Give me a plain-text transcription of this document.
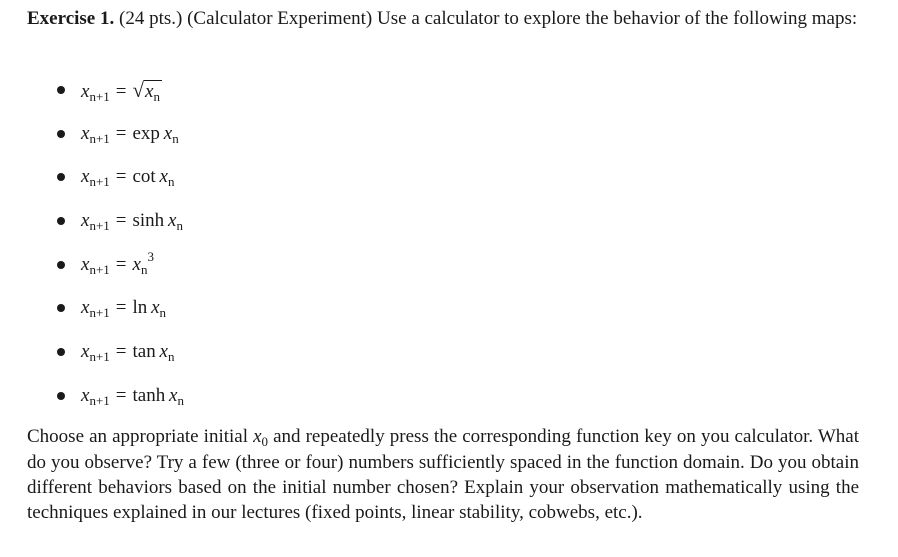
Exercise 1. (24 pts.) (Calculator Experiment) Use a calculator to explore the behavior of the following maps:

$x_{n+1} = √x_n$
$x_{n+1} = \exp x_n$
$x_{n+1} = \cot x_n$
$x_{n+1} = \sinh x_n$
$x_{n+1} = x_n^3$
$x_{n+1} = \ln x_n$
$x_{n+1} = \tan x_n$
$x_{n+1} = \tanh x_n$

Choose an appropriate initial $x_0$ and repeatedly press the corresponding function key on you calculator. What do you observe? Try a few (three or four) numbers sufficiently spaced in the function domain. Do you obtain different behaviors based on the initial number chosen? Explain your observation mathematically using the techniques explained in our lectures (fixed points, linear stability, cobwebs, etc.).
